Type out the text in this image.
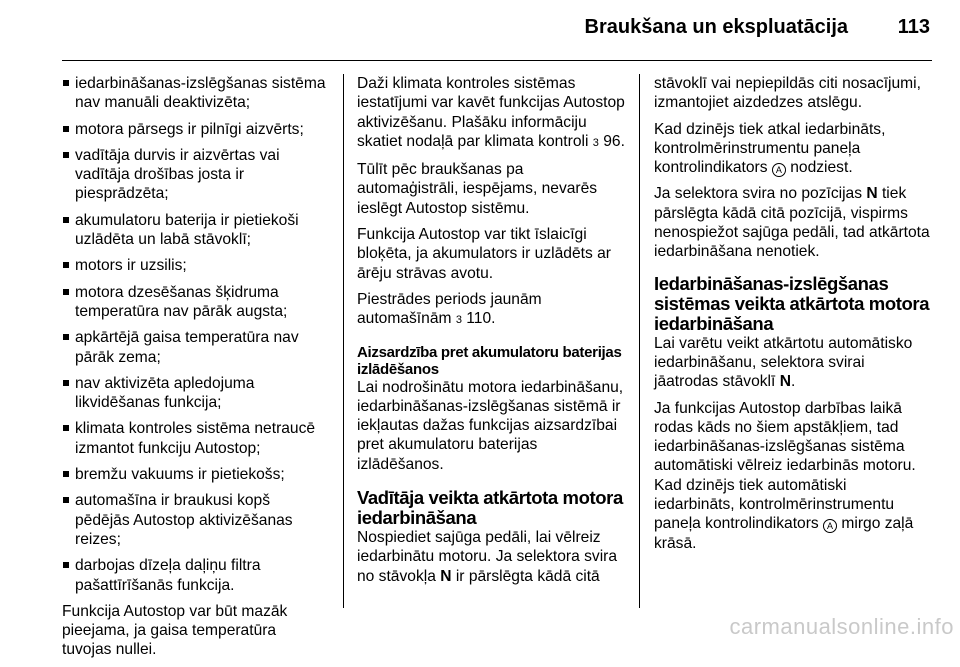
Braukšana un ekspluatācija 113
iedarbināšanas-izslēgšanas sistēma nav manuāli deaktivizēta;
motora pārsegs ir pilnīgi aizvērts;
vadītāja durvis ir aizvērtas vai vadītāja drošības josta ir piesprādzēta;
akumulatoru baterija ir pietiekoši uzlādēta un labā stāvoklī;
motors ir uzsilis;
motora dzesēšanas šķidruma temperatūra nav pārāk augsta;
apkārtējā gaisa temperatūra nav pārāk zema;
nav aktivizēta apledojuma likvidēšanas funkcija;
klimata kontroles sistēma netraucē izmantot funkciju Autostop;
bremžu vakuums ir pietiekošs;
automašīna ir braukusi kopš pēdējās Autostop aktivizēšanas reizes;
darbojas dīzeļa daļiņu filtra pašattīrīšanās funkcija.

Funkcija Autostop var būt mazāk pieejama, ja gaisa temperatūra tuvojas nullei.

Daži klimata kontroles sistēmas iestatījumi var kavēt funkcijas Autostop aktivizēšanu. Plašāku informāciju skatiet nodaļā par klimata kontroli 3 96.

Tūlīt pēc braukšanas pa automaģistrāli, iespējams, nevarēs ieslēgt Autostop sistēmu.

Funkcija Autostop var tikt īslaicīgi bloķēta, ja akumulators ir uzlādēts ar ārēju strāvas avotu.

Piestrādes periods jaunām automašīnām 3 110.

Aizsardzība pret akumulatoru baterijas izlādēšanos

Lai nodrošinātu motora iedarbināšanu, iedarbināšanas-izslēgšanas sistēmā ir iekļautas dažas funkcijas aizsardzībai pret akumulatoru baterijas izlādēšanos.

Vadītāja veikta atkārtota motora iedarbināšana

Nospiediet sajūga pedāli, lai vēlreiz iedarbinātu motoru. Ja selektora svira no stāvokļa N ir pārslēgta kādā citā

stāvoklī vai nepiepildās citi nosacījumi, izmantojiet aizdedzes atslēgu.

Kad dzinējs tiek atkal iedarbināts, kontrolmērinstrumentu paneļa kontrolindikators A nodziest.

Ja selektora svira no pozīcijas N tiek pārslēgta kādā citā pozīcijā, vispirms nenospiežot sajūga pedāli, tad atkārtota iedarbināšana nenotiek.

Iedarbināšanas-izslēgšanas sistēmas veikta atkārtota motora iedarbināšana

Lai varētu veikt atkārtotu automātisko iedarbināšanu, selektora svirai jāatrodas stāvoklī N.

Ja funkcijas Autostop darbības laikā rodas kāds no šiem apstākļiem, tad iedarbināšanas-izslēgšanas sistēma automātiski vēlreiz iedarbinās motoru. Kad dzinējs tiek automātiski iedarbināts, kontrolmērinstrumentu paneļa kontrolindikators A mirgo zaļā krāsā.

carmanualsonline.info
